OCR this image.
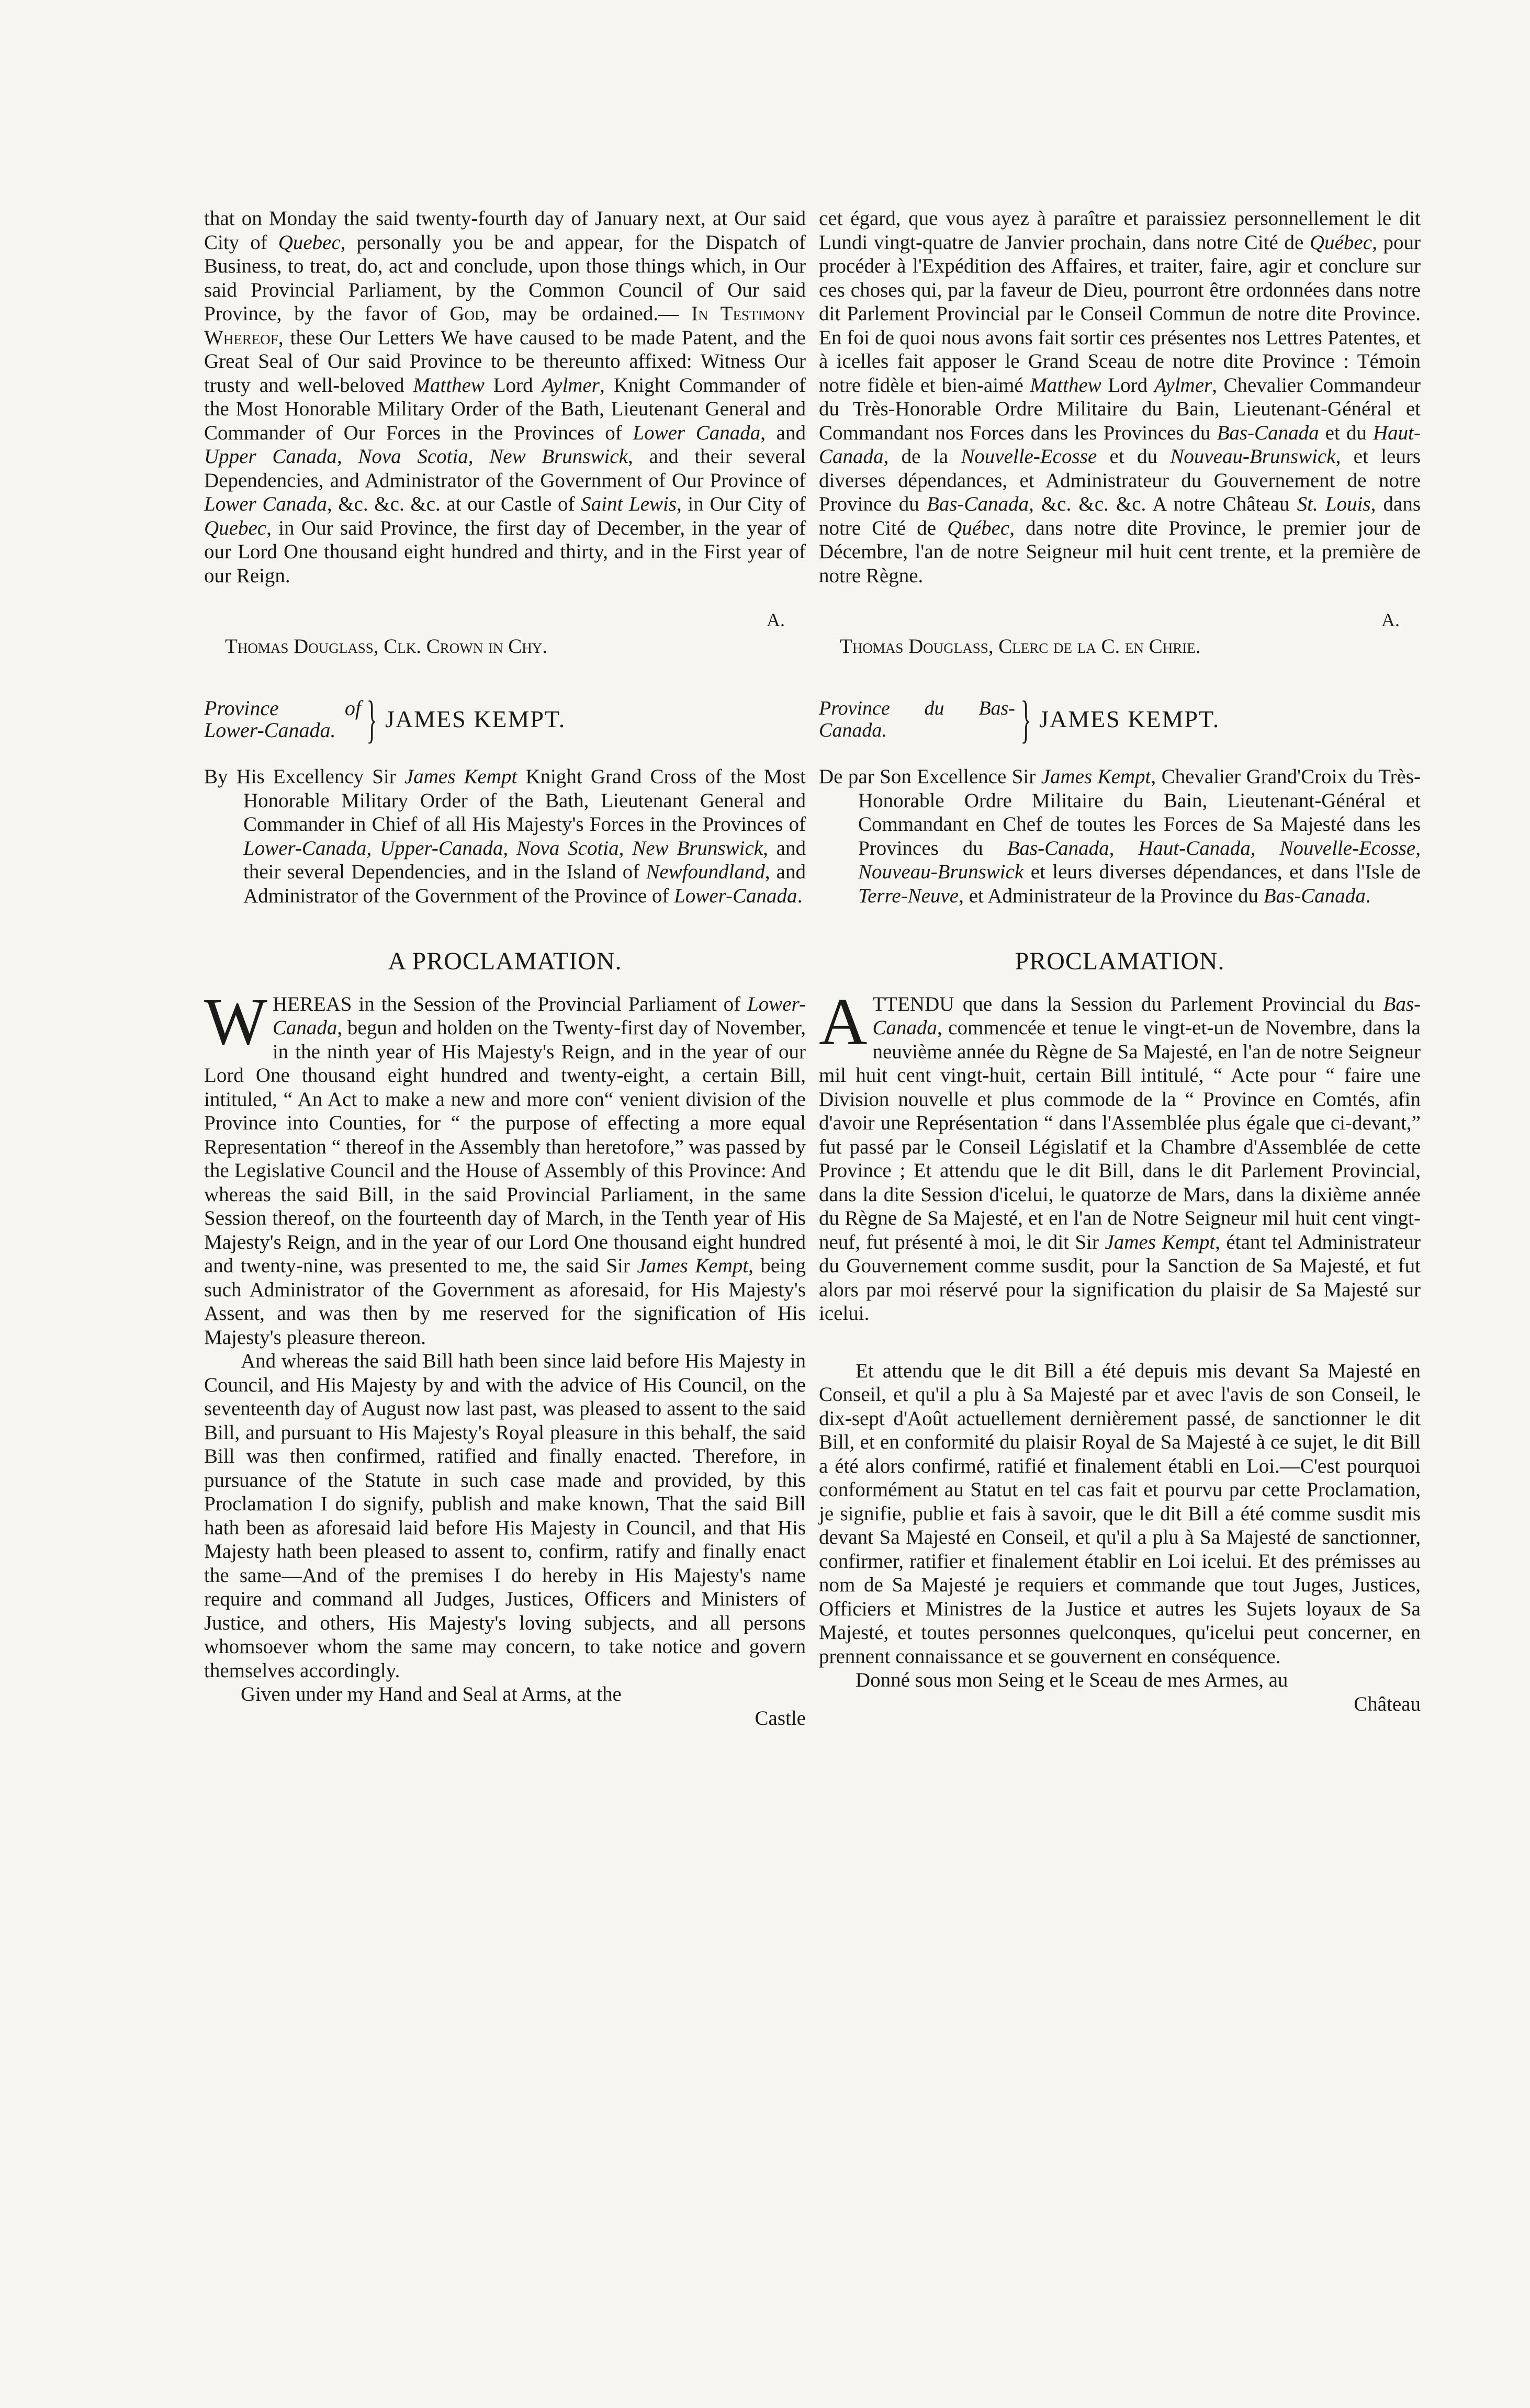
that on Monday the said twenty-fourth day of January next, at Our said City of Quebec, personally you be and appear, for the Dispatch of Business, to treat, do, act and conclude, upon those things which, in Our said Provincial Parliament, by the Common Council of Our said Province, by the favor of God, may be ordained.— In Testimony Whereof, these Our Letters We have caused to be made Patent, and the Great Seal of Our said Province to be thereunto affixed: Witness Our trusty and well-beloved Matthew Lord Aylmer, Knight Commander of the Most Honorable Military Order of the Bath, Lieutenant General and Commander of Our Forces in the Provinces of Lower Canada, and Upper Canada, Nova Scotia, New Brunswick, and their several Dependencies, and Administrator of the Government of Our Province of Lower Canada, &c. &c. &c. at our Castle of Saint Lewis, in Our City of Quebec, in Our said Province, the first day of December, in the year of our Lord One thousand eight hundred and thirty, and in the First year of our Reign.

A.

Thomas Douglass, Clk. Crown in Chy.

Province of Lower-Canada. } JAMES KEMPT.

By His Excellency Sir James Kempt Knight Grand Cross of the Most Honorable Military Order of the Bath, Lieutenant General and Commander in Chief of all His Majesty's Forces in the Provinces of Lower-Canada, Upper-Canada, Nova Scotia, New Brunswick, and their several Dependencies, and in the Island of Newfoundland, and Administrator of the Government of the Province of Lower-Canada.

A PROCLAMATION.

WHEREAS in the Session of the Provincial Parliament of Lower-Canada, begun and holden on the Twenty-first day of November, in the ninth year of His Majesty's Reign, and in the year of our Lord One thousand eight hundred and twenty-eight, a certain Bill, intituled, “ An Act to make a new and more con“ venient division of the Province into Counties, for “ the purpose of effecting a more equal Representation “ thereof in the Assembly than heretofore,” was passed by the Legislative Council and the House of Assembly of this Province: And whereas the said Bill, in the said Provincial Parliament, in the same Session thereof, on the fourteenth day of March, in the Tenth year of His Majesty's Reign, and in the year of our Lord One thousand eight hundred and twenty-nine, was presented to me, the said Sir James Kempt, being such Administrator of the Government as aforesaid, for His Majesty's Assent, and was then by me reserved for the signification of His Majesty's pleasure thereon.

And whereas the said Bill hath been since laid before His Majesty in Council, and His Majesty by and with the advice of His Council, on the seventeenth day of August now last past, was pleased to assent to the said Bill, and pursuant to His Majesty's Royal pleasure in this behalf, the said Bill was then confirmed, ratified and finally enacted. Therefore, in pursuance of the Statute in such case made and provided, by this Proclamation I do signify, publish and make known, That the said Bill hath been as aforesaid laid before His Majesty in Council, and that His Majesty hath been pleased to assent to, confirm, ratify and finally enact the same—And of the premises I do hereby in His Majesty's name require and command all Judges, Justices, Officers and Ministers of Justice, and others, His Majesty's loving subjects, and all persons whomsoever whom the same may concern, to take notice and govern themselves accordingly.

Given under my Hand and Seal at Arms, at the

Castle

cet égard, que vous ayez à paraître et paraissiez personnellement le dit Lundi vingt-quatre de Janvier prochain, dans notre Cité de Québec, pour procéder à l'Expédition des Affaires, et traiter, faire, agir et conclure sur ces choses qui, par la faveur de Dieu, pourront être ordonnées dans notre dit Parlement Provincial par le Conseil Commun de notre dite Province. En foi de quoi nous avons fait sortir ces présentes nos Lettres Patentes, et à icelles fait apposer le Grand Sceau de notre dite Province : Témoin notre fidèle et bien-aimé Matthew Lord Aylmer, Chevalier Commandeur du Très-Honorable Ordre Militaire du Bain, Lieutenant-Général et Commandant nos Forces dans les Provinces du Bas-Canada et du Haut-Canada, de la Nouvelle-Ecosse et du Nouveau-Brunswick, et leurs diverses dépendances, et Administrateur du Gouvernement de notre Province du Bas-Canada, &c. &c. &c. A notre Château St. Louis, dans notre Cité de Québec, dans notre dite Province, le premier jour de Décembre, l'an de notre Seigneur mil huit cent trente, et la première de notre Règne.

A.

Thomas Douglass, Clerc de la C. en Chrie.

Province du Bas-Canada.	} JAMES KEMPT.

De par Son Excellence Sir James Kempt, Chevalier Grand'Croix du Très-Honorable Ordre Militaire du Bain, Lieutenant-Général et Commandant en Chef de toutes les Forces de Sa Majesté dans les Provinces du Bas-Canada, Haut-Canada, Nouvelle-Ecosse, Nouveau-Brunswick et leurs diverses dépendances, et dans l'Isle de Terre-Neuve, et Administrateur de la Province du Bas-Canada.

PROCLAMATION.

ATTENDU que dans la Session du Parlement Provincial du Bas-Canada, commencée et tenue le vingt-et-un de Novembre, dans la neuvième année du Règne de Sa Majesté, en l'an de notre Seigneur mil huit cent vingt-huit, certain Bill intitulé, “ Acte pour “ faire une Division nouvelle et plus commode de la “ Province en Comtés, afin d'avoir une Représentation “ dans l'Assemblée plus égale que ci-devant,” fut passé par le Conseil Législatif et la Chambre d'Assemblée de cette Province ; Et attendu que le dit Bill, dans le dit Parlement Provincial, dans la dite Session d'icelui, le quatorze de Mars, dans la dixième année du Règne de Sa Majesté, et en l'an de Notre Seigneur mil huit cent vingt-neuf, fut présenté à moi, le dit Sir James Kempt, étant tel Administrateur du Gouvernement comme susdit, pour la Sanction de Sa Majesté, et fut alors par moi réservé pour la signification du plaisir de Sa Majesté sur icelui.

Et attendu que le dit Bill a été depuis mis devant Sa Majesté en Conseil, et qu'il a plu à Sa Majesté par et avec l'avis de son Conseil, le dix-sept d'Août actuellement dernièrement passé, de sanctionner le dit Bill, et en conformité du plaisir Royal de Sa Majesté à ce sujet, le dit Bill a été alors confirmé, ratifié et finalement établi en Loi.—C'est pourquoi conformément au Statut en tel cas fait et pourvu par cette Proclamation, je signifie, publie et fais à savoir, que le dit Bill a été comme susdit mis devant Sa Majesté en Conseil, et qu'il a plu à Sa Majesté de sanctionner, confirmer, ratifier et finalement établir en Loi icelui. Et des prémisses au nom de Sa Majesté je requiers et commande que tout Juges, Justices, Officiers et Ministres de la Justice et autres les Sujets loyaux de Sa Majesté, et toutes personnes quelconques, qu'icelui peut concerner, en prennent connaissance et se gouvernent en conséquence.

Donné sous mon Seing et le Sceau de mes Armes, au

Château
